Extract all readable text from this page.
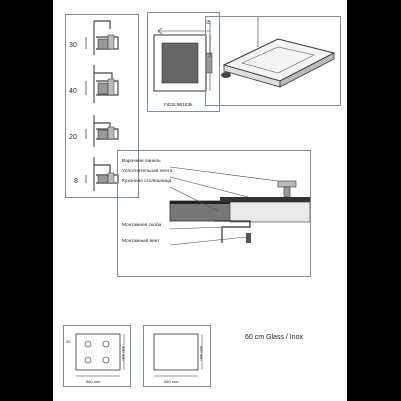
30
40
20
8
55
Fd22L9B1E3k
Варочная панель
Уплотнительная лента
Кухонная столешница
Монтажная скоба
Монтажный винт
20
560 mm
490 mm
560 mm
490 mm
60 cm Glass / Inox
